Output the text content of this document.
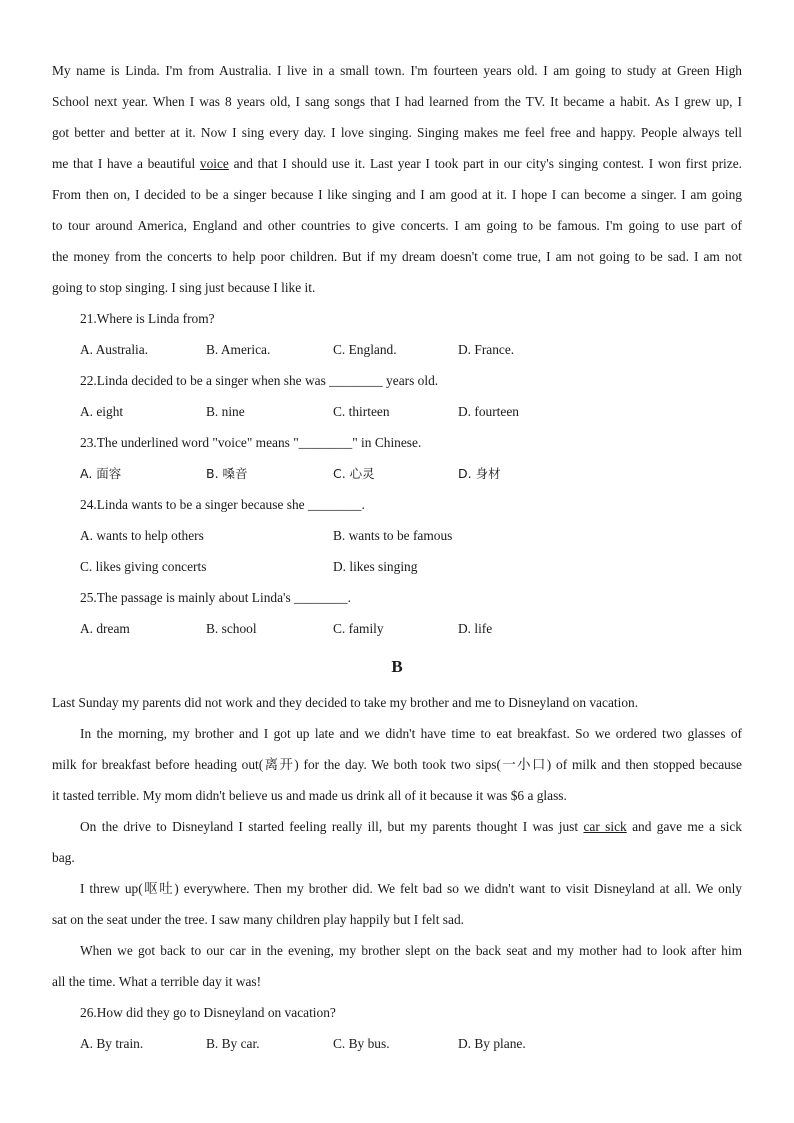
My name is Linda. I'm from Australia. I live in a small town. I'm fourteen years old. I am going to study at Green High
School next year. When I was 8 years old, I sang songs that I had learned from the TV. It became a habit. As I grew up, I
got better and better at it. Now I sing every day. I love singing. Singing makes me feel free and happy. People always tell
me that I have a beautiful voice and that I should use it. Last year I took part in our city's singing contest. I won first prize.
From then on, I decided to be a singer because I like singing and I am good at it. I hope I can become a singer. I am going
to tour around America, England and other countries to give concerts. I am going to be famous. I'm going to use part of
the money from the concerts to help poor children. But if my dream doesn't come true, I am not going to be sad. I am not
going to stop singing. I sing just because I like it.
21.Where is Linda from?
A. Australia.	B. America.	C. England.	D. France.
22.Linda decided to be a singer when she was ________ years old.
A. eight	B. nine	C. thirteen	D. fourteen
23.The underlined word "voice" means "________" in Chinese.
A. 面容	B. 嗓音	C. 心灵	D. 身材
24.Linda wants to be a singer because she ________.
A. wants to help others	B. wants to be famous
C. likes giving concerts	D. likes singing
25.The passage is mainly about Linda's ________.
A. dream	B. school	C. family	D. life
B
Last Sunday my parents did not work and they decided to take my brother and me to Disneyland on vacation.
In the morning, my brother and I got up late and we didn't have time to eat breakfast. So we ordered two glasses of
milk for breakfast before heading out(离开) for the day. We both took two sips(一小口) of milk and then stopped because
it tasted terrible. My mom didn't believe us and made us drink all of it because it was $6 a glass.
On the drive to Disneyland I started feeling really ill, but my parents thought I was just car sick and gave me a sick
bag.
I threw up(呕吐) everywhere. Then my brother did. We felt bad so we didn't want to visit Disneyland at all. We only
sat on the seat under the tree. I saw many children play happily but I felt sad.
When we got back to our car in the evening, my brother slept on the back seat and my mother had to look after him
all the time. What a terrible day it was!
26.How did they go to Disneyland on vacation?
A. By train.	B. By car.	C. By bus.	D. By plane.
